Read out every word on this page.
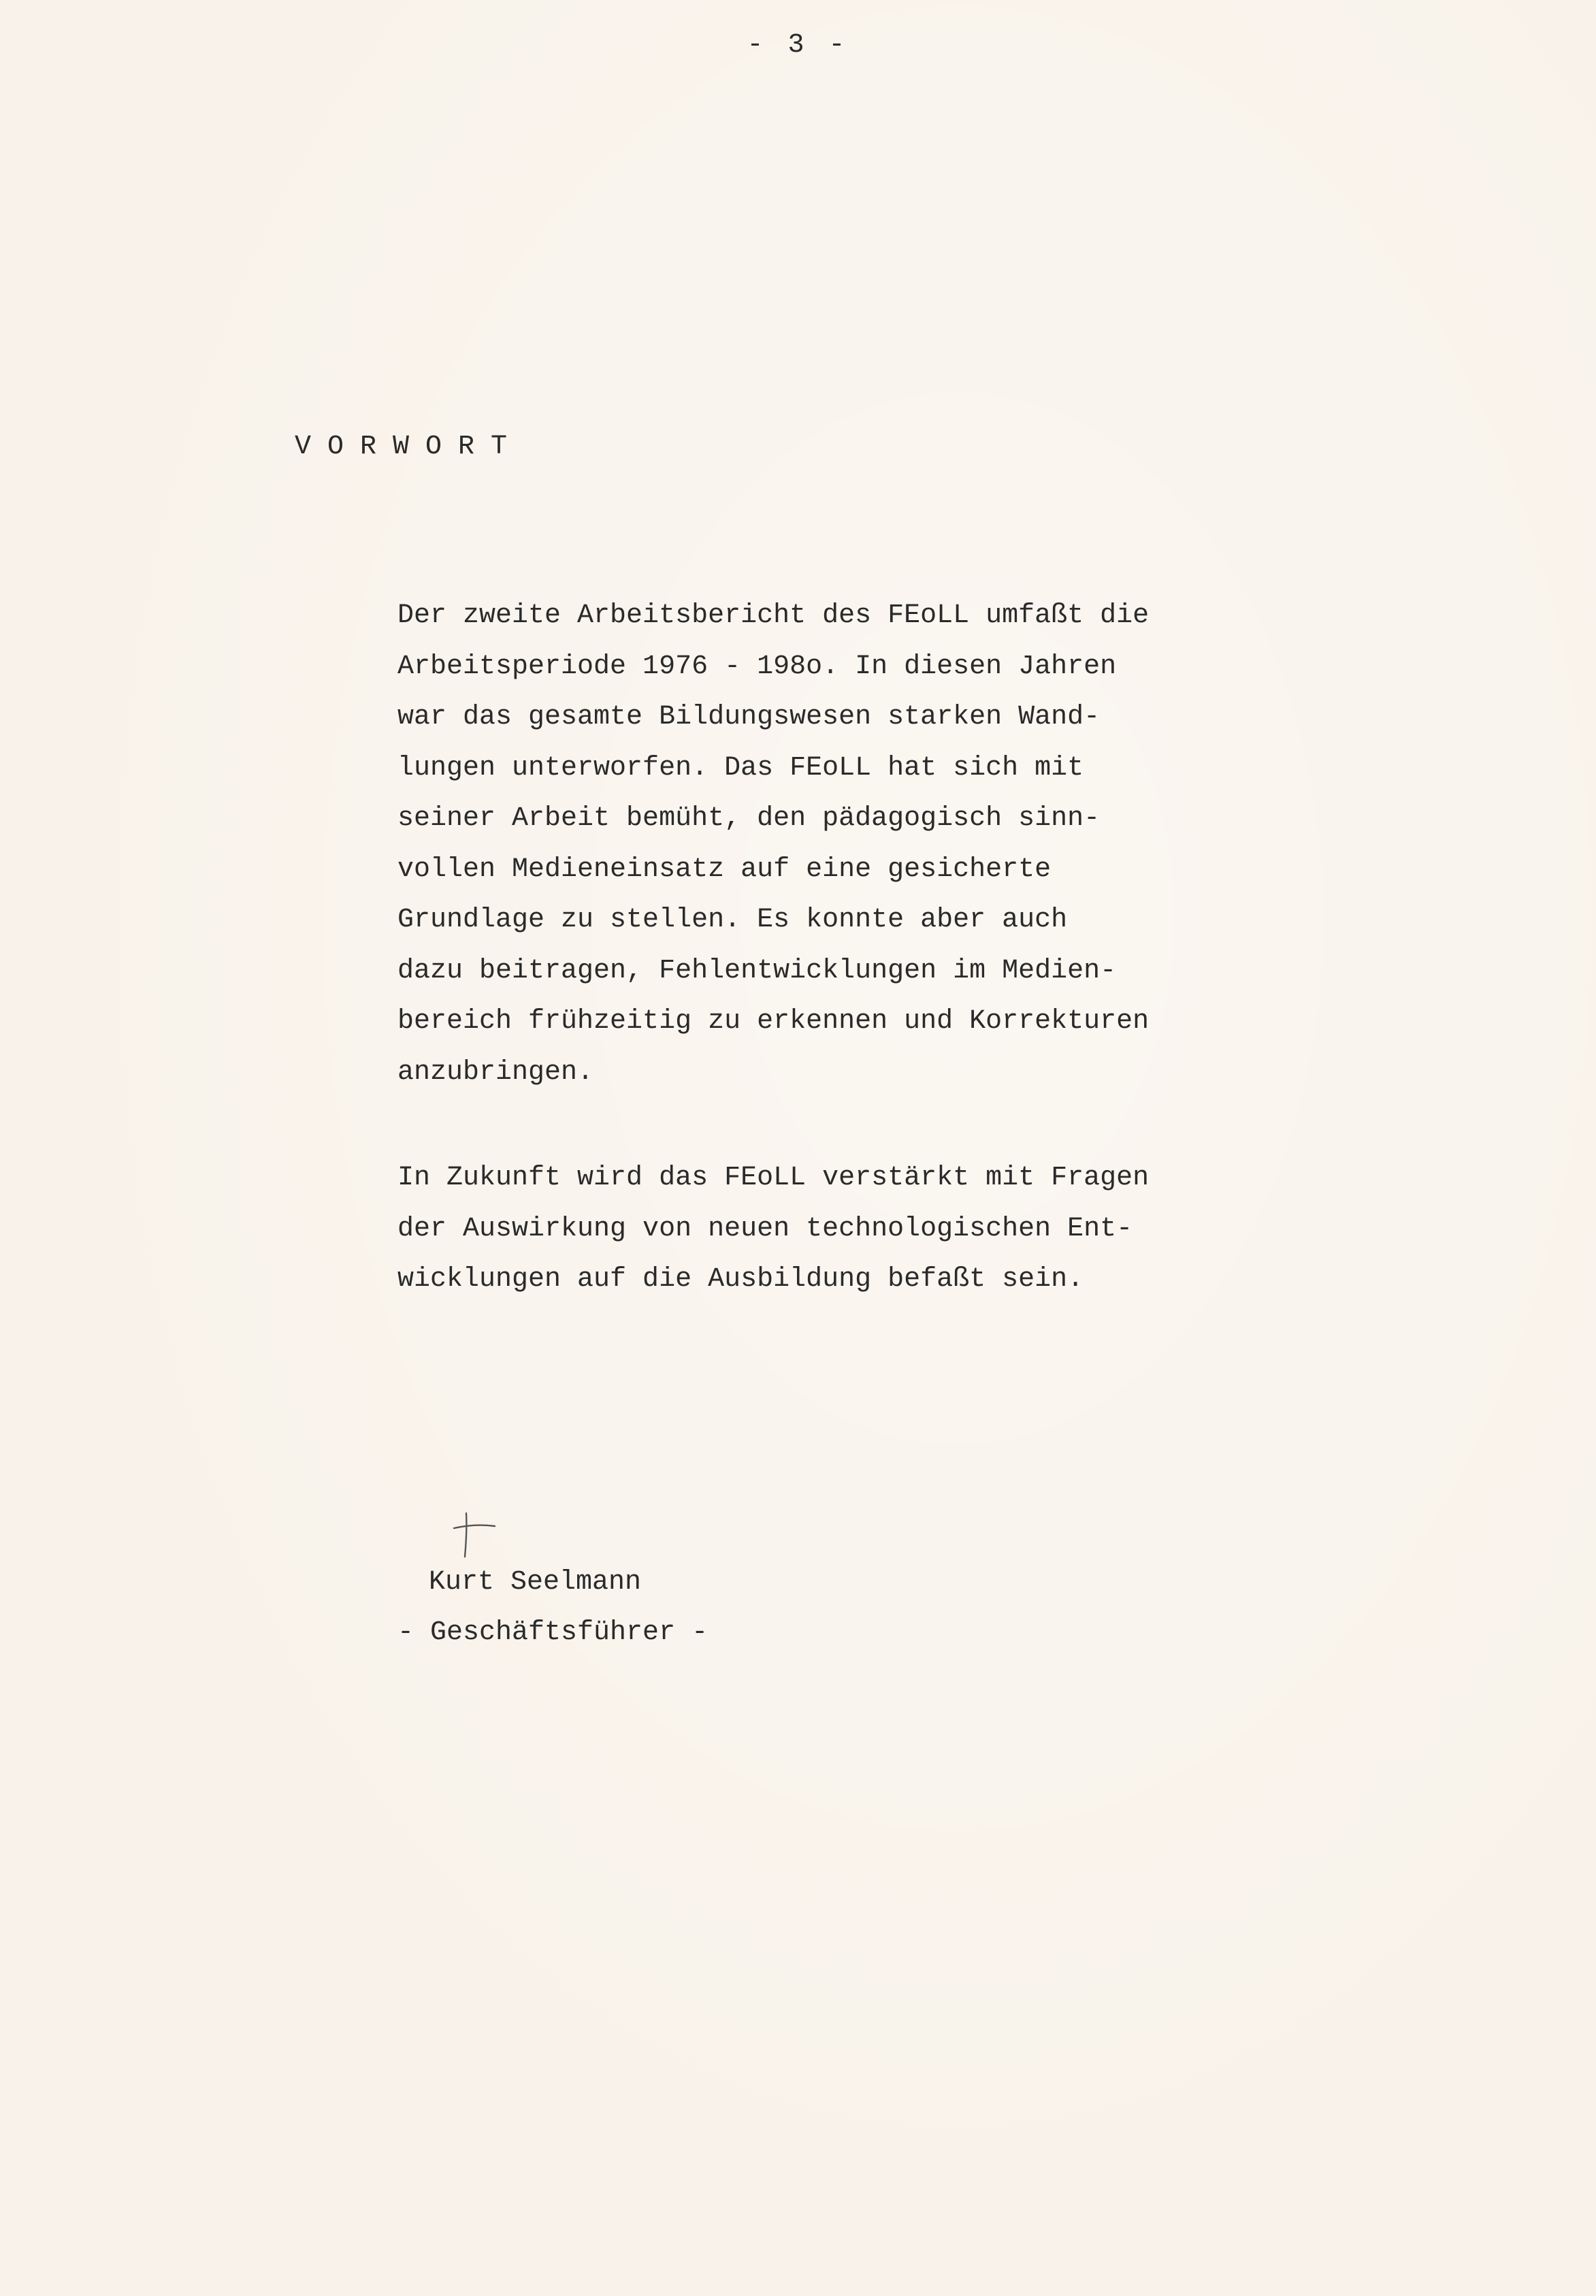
- 3 -
VORWORT

Der zweite Arbeitsbericht des FEoLL umfaßt die
Arbeitsperiode 1976 - 198o. In diesen Jahren
war das gesamte Bildungswesen starken Wand-
lungen unterworfen. Das FEoLL hat sich mit
seiner Arbeit bemüht, den pädagogisch sinn-
vollen Medieneinsatz auf eine gesicherte
Grundlage zu stellen. Es konnte aber auch
dazu beitragen, Fehlentwicklungen im Medien-
bereich frühzeitig zu erkennen und Korrekturen
anzubringen.

In Zukunft wird das FEoLL verstärkt mit Fragen
der Auswirkung von neuen technologischen Ent-
wicklungen auf die Ausbildung befaßt sein.

Kurt Seelmann
- Geschäftsführer -
